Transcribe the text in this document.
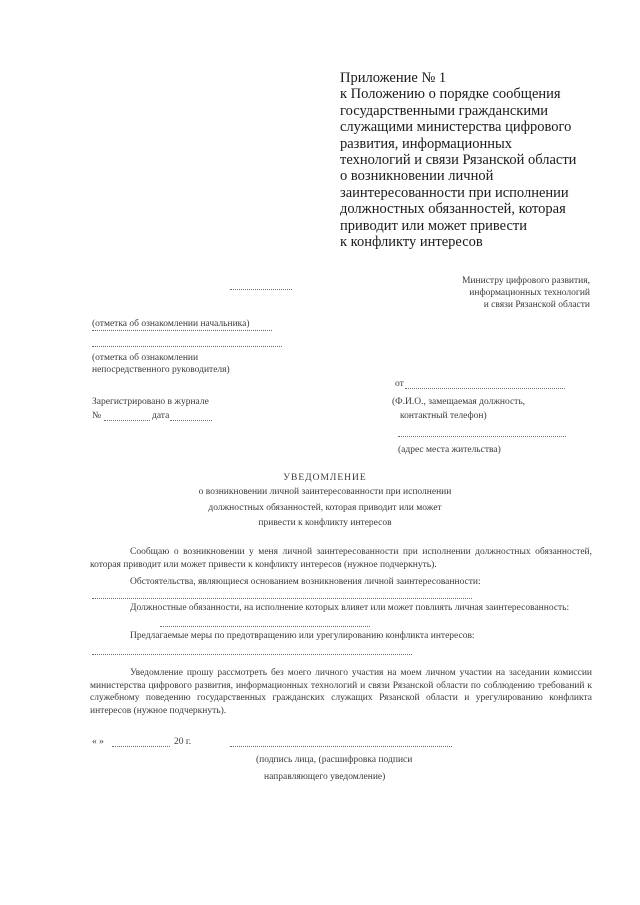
Приложение № 1
к Положению о порядке сообщения
государственными гражданскими
служащими министерства цифрового
развития, информационных
технологий и связи Рязанской области
о возникновении личной
заинтересованности при исполнении
должностных обязанностей, которая
приводит или может привести
к конфликту интересов
Министру цифрового развития,
информационных технологий
и связи Рязанской области
(отметка об ознакомлении начальника)
(отметка об ознакомлении
непосредственного руководителя)
Зарегистрировано в журнале
№	дата
от
(Ф.И.О., замещаемая должность,
контактный телефон)
(адрес места жительства)
УВЕДОМЛЕНИЕ
о возникновении личной заинтересованности при исполнении
должностных обязанностей, которая приводит или может
привести к конфликту интересов
Сообщаю о возникновении у меня личной заинтересованности при исполнении должностных обязанностей, которая приводит или может привести к конфликту интересов (нужное подчеркнуть).
Обстоятельства, являющиеся основанием возникновения личной заинтересованности:
Должностные обязанности, на исполнение которых влияет или может повлиять личная заинтересованность:
Предлагаемые меры по предотвращению или урегулированию конфликта интересов:
Уведомление прошу рассмотреть без моего личного участия на моем личном участии на заседании комиссии министерства цифрового развития, информационных технологий и связи Рязанской области по соблюдению требований к служебному поведению государственных гражданских служащих Рязанской области и урегулированию конфликта интересов (нужное подчеркнуть).
« »	20 г.
(подпись лица, (расшифровка подписи
направляющего уведомление)
